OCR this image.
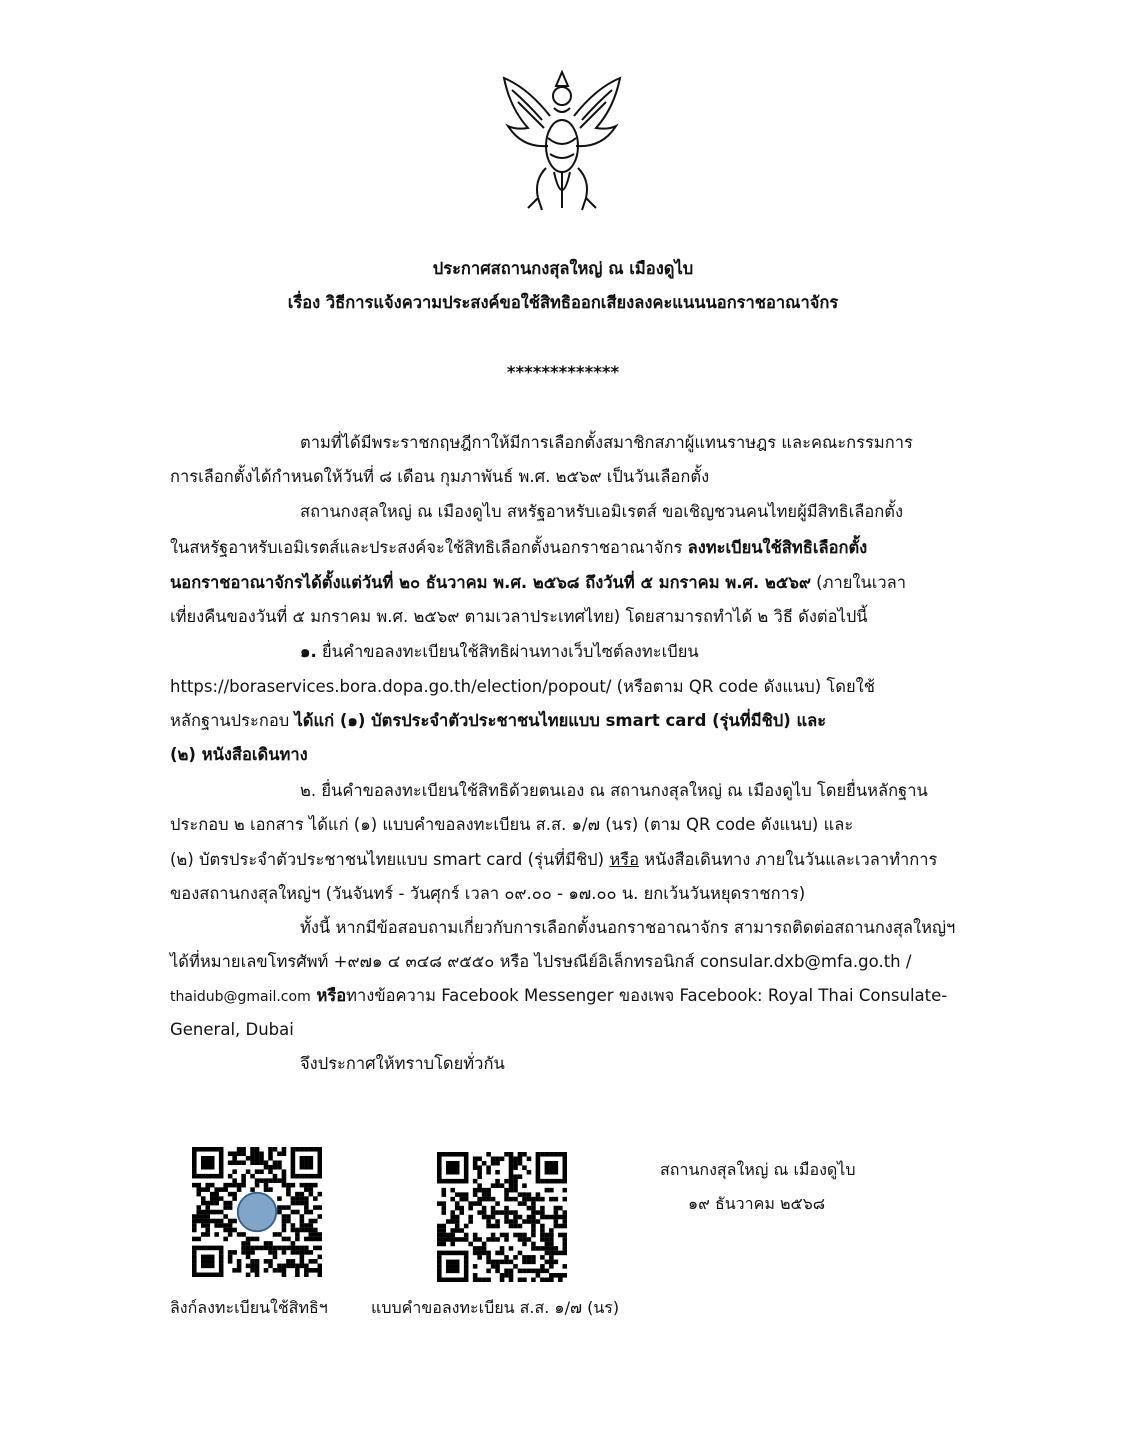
ประกาศสถานกงสุลใหญ่ ณ เมืองดูไบ
เรื่อง วิธีการแจ้งความประสงค์ขอใช้สิทธิออกเสียงลงคะแนนนอกราชอาณาจักร
*************
ตามที่ได้มีพระราชกฤษฎีกาให้มีการเลือกตั้งสมาชิกสภาผู้แทนราษฎร และคณะกรรมการ
การเลือกตั้งได้กำหนดให้วันที่ ๘ เดือน กุมภาพันธ์ พ.ศ. ๒๕๖๙ เป็นวันเลือกตั้ง
สถานกงสุลใหญ่ ณ เมืองดูไบ สหรัฐอาหรับเอมิเรตส์ ขอเชิญชวนคนไทยผู้มีสิทธิเลือกตั้ง
ในสหรัฐอาหรับเอมิเรตส์และประสงค์จะใช้สิทธิเลือกตั้งนอกราชอาณาจักร ลงทะเบียนใช้สิทธิเลือกตั้ง
นอกราชอาณาจักรได้ตั้งแต่วันที่ ๒๐ ธันวาคม พ.ศ. ๒๕๖๘ ถึงวันที่ ๕ มกราคม พ.ศ. ๒๕๖๙ (ภายในเวลา
เที่ยงคืนของวันที่ ๕ มกราคม พ.ศ. ๒๕๖๙ ตามเวลาประเทศไทย) โดยสามารถทำได้ ๒ วิธี ดังต่อไปนี้
๑. ยื่นคำขอลงทะเบียนใช้สิทธิผ่านทางเว็บไซต์ลงทะเบียน
https://boraservices.bora.dopa.go.th/election/popout/ (หรือตาม QR code ดังแนบ) โดยใช้
หลักฐานประกอบ ได้แก่ (๑) บัตรประจำตัวประชาชนไทยแบบ smart card (รุ่นที่มีชิป) และ
(๒) หนังสือเดินทาง
๒. ยื่นคำขอลงทะเบียนใช้สิทธิด้วยตนเอง ณ สถานกงสุลใหญ่ ณ เมืองดูไบ โดยยื่นหลักฐาน
ประกอบ ๒ เอกสาร ได้แก่ (๑) แบบคำขอลงทะเบียน ส.ส. ๑/๗ (นร) (ตาม QR code ดังแนบ) และ
(๒) บัตรประจำตัวประชาชนไทยแบบ smart card (รุ่นที่มีชิป) หรือ หนังสือเดินทาง ภายในวันและเวลาทำการ
ของสถานกงสุลใหญ่ฯ (วันจันทร์ - วันศุกร์ เวลา ๐๙.๐๐ - ๑๗.๐๐ น. ยกเว้นวันหยุดราชการ)
ทั้งนี้ หากมีข้อสอบถามเกี่ยวกับการเลือกตั้งนอกราชอาณาจักร สามารถติดต่อสถานกงสุลใหญ่ฯ
ได้ที่หมายเลขโทรศัพท์ +๙๗๑ ๔ ๓๔๘ ๙๕๕๐ หรือ ไปรษณีย์อิเล็กทรอนิกส์ consular.dxb@mfa.go.th /
thaidub@gmail.com หรือทางข้อความ Facebook Messenger ของเพจ Facebook: Royal Thai Consulate-
General, Dubai
จึงประกาศให้ทราบโดยทั่วกัน
ลิงก์ลงทะเบียนใช้สิทธิฯ	แบบคำขอลงทะเบียน ส.ส. ๑/๗ (นร)
สถานกงสุลใหญ่ ณ เมืองดูไบ
๑๙ ธันวาคม ๒๕๖๘
